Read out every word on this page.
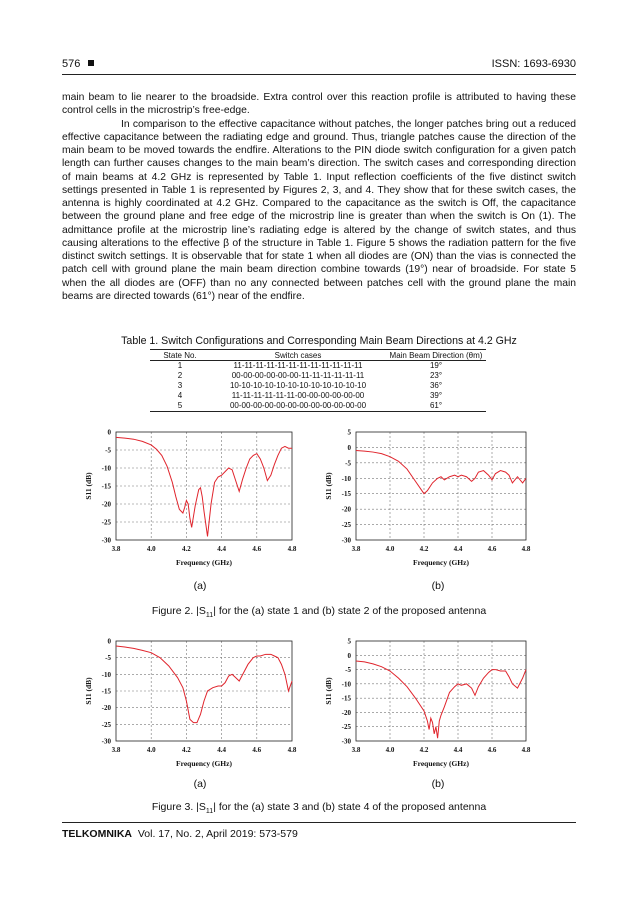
576	ISSN: 1693-6930

main beam to lie nearer to the broadside. Extra control over this reaction profile is attributed to having these control cells in the microstrip’s free-edge.

In comparison to the effective capacitance without patches, the longer patches bring out a reduced effective capacitance between the radiating edge and ground. Thus, triangle patches cause the direction of the main beam to be moved towards the endfire. Alterations to the PIN diode switch configuration for a given patch length can further causes changes to the main beam’s direction. The switch cases and corresponding direction of main beams at 4.2 GHz is represented by Table 1. Input reflection coefficients of the five distinct switch settings presented in Table 1 is represented by Figures 2, 3, and 4. They show that for these switch cases, the antenna is highly coordinated at 4.2 GHz. Compared to the capacitance as the switch is Off, the capacitance between the ground plane and free edge of the microstrip line is greater than when the switch is On (1). The admittance profile at the microstrip line’s radiating edge is altered by the change of switch states, and thus causing alterations to the effective β of the structure in Table 1. Figure 5 shows the radiation pattern for the five distinct switch settings. It is observable that for state 1 when all diodes are (ON) than the vias is connected the patch cell with ground plane the main beam direction combine towards (19°) near of broadside. For state 5 when the all diodes are (OFF) than no any connected between patches cell with the ground plane the main beams are directed towards (61°) near of the endfire.

Table 1. Switch Configurations and Corresponding Main Beam Directions at 4.2 GHz
State No.	Switch cases	Main Beam Direction (θm)
1	11-11-11-11-11-11-11-11-11-11-11-11	19°
2	00-00-00-00-00-00-11-11-11-11-11-11	23°
3	10-10-10-10-10-10-10-10-10-10-10-10	36°
4	11-11-11-11-11-11-00-00-00-00-00-00	39°
5	00-00-00-00-00-00-00-00-00-00-00-00	61°
3.8	4.0	4.2	4.4	4.6	4.8
0
-5
-10
-15
-20
-25
-30
Frequency (GHz)
S11 (dB)
3.8	4.0	4.2	4.4	4.6	4.8
5
0
-5
-10
-15
-20
-25
-30
Frequency (GHz)
S11 (dB)
(a)	(b)
Figure 2. $|S_{11}|$ for the (a) state 1 and (b) state 2 of the proposed antenna
3.8	4.0	4.2	4.4	4.6	4.8
0
-5
-10
-15
-20
-25
-30
Frequency (GHz)
S11 (dB)
3.8	4.0	4.2	4.4	4.6	4.8
5
0
-5
-10
-15
-20
-25
-30
Frequency (GHz)
S11 (dB)
(a)	(b)
Figure 3. $|S_{11}|$ for the (a) state 3 and (b) state 4 of the proposed antenna
TELKOMNIKA Vol. 17, No. 2, April 2019: 573-579
